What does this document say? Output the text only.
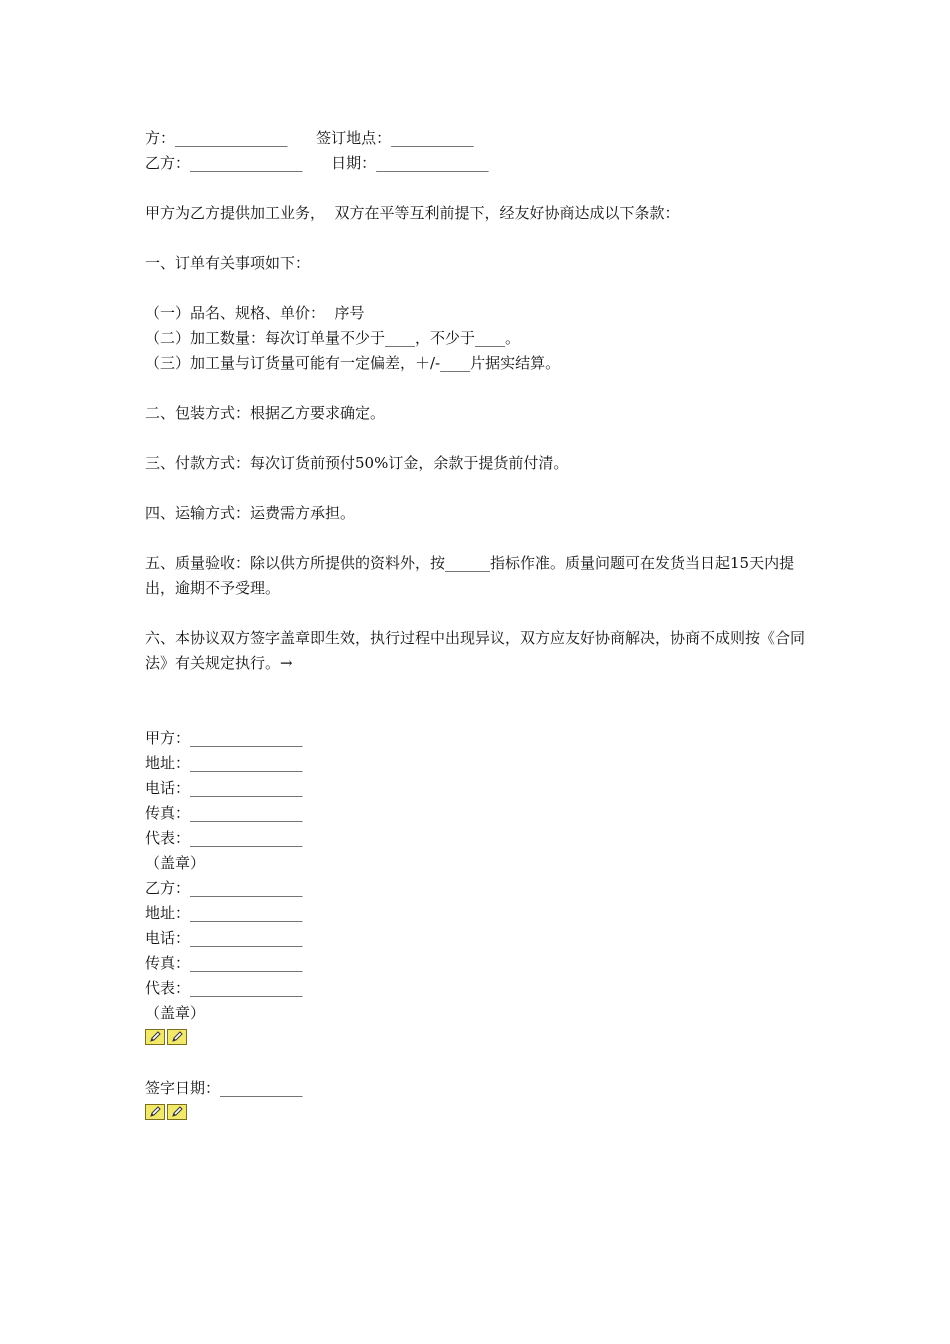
方：_______________      签订地点：___________
乙方：_______________      日期：_______________
甲方为乙方提供加工业务，  双方在平等互利前提下，经友好协商达成以下条款：
一、订单有关事项如下：
（一）品名、规格、单价：  序号
（二）加工数量：每次订单量不少于____，不少于____。
（三）加工量与订货量可能有一定偏差，＋/-____片据实结算。
二、包装方式：根据乙方要求确定。
三、付款方式：每次订货前预付50%订金，余款于提货前付清。
四、运输方式：运费需方承担。
五、质量验收：除以供方所提供的资料外，按______指标作准。质量问题可在发货当日起15天内提出，逾期不予受理。
六、本协议双方签字盖章即生效，执行过程中出现异议，双方应友好协商解决，协商不成则按《合同法》有关规定执行。→
甲方：_______________
地址：_______________
电话：_______________
传真：_______________
代表：_______________
（盖章）
乙方：_______________
地址：_______________
电话：_______________
传真：_______________
代表：_______________
（盖章）
签字日期：___________
